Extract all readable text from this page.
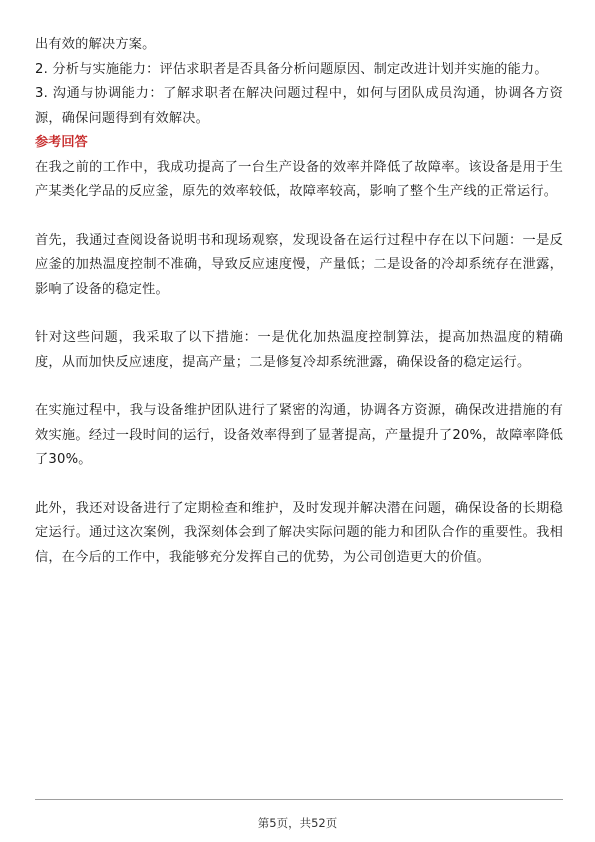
出有效的解决方案。

2. 分析与实施能力：评估求职者是否具备分析问题原因、制定改进计划并实施的能力。

3. 沟通与协调能力：了解求职者在解决问题过程中，如何与团队成员沟通，协调各方资源，确保问题得到有效解决。

参考回答

在我之前的工作中，我成功提高了一台生产设备的效率并降低了故障率。该设备是用于生产某类化学品的反应釜，原先的效率较低，故障率较高，影响了整个生产线的正常运行。

首先，我通过查阅设备说明书和现场观察，发现设备在运行过程中存在以下问题：一是反应釜的加热温度控制不准确，导致反应速度慢，产量低；二是设备的冷却系统存在泄露，影响了设备的稳定性。

针对这些问题，我采取了以下措施：一是优化加热温度控制算法，提高加热温度的精确度，从而加快反应速度，提高产量；二是修复冷却系统泄露，确保设备的稳定运行。

在实施过程中，我与设备维护团队进行了紧密的沟通，协调各方资源，确保改进措施的有效实施。经过一段时间的运行，设备效率得到了显著提高，产量提升了20%，故障率降低了30%。

此外，我还对设备进行了定期检查和维护，及时发现并解决潜在问题，确保设备的长期稳定运行。通过这次案例，我深刻体会到了解决实际问题的能力和团队合作的重要性。我相信，在今后的工作中，我能够充分发挥自己的优势，为公司创造更大的价值。

第5页，共52页
